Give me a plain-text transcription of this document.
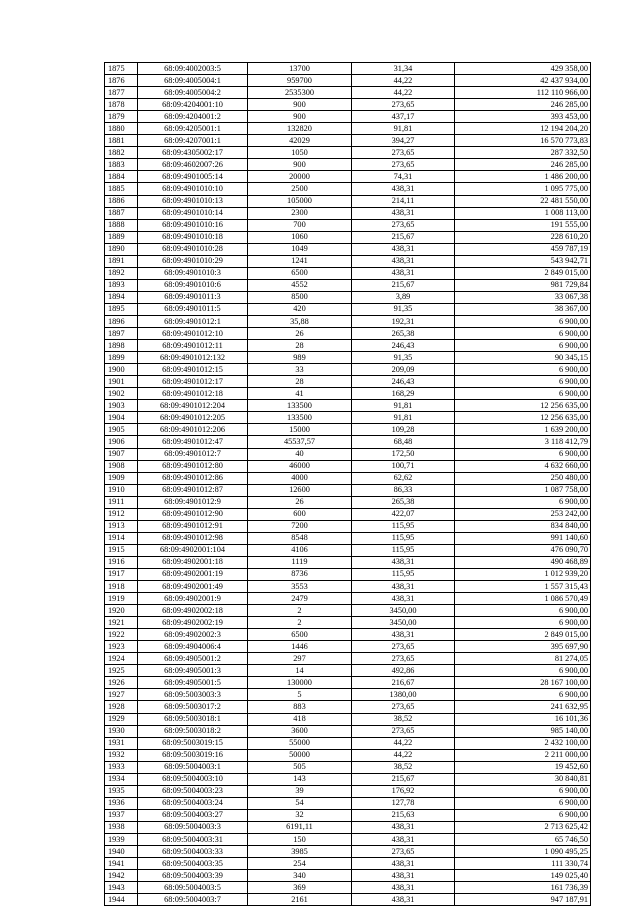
1875	68:09:4002003:5	13700	31,34	429 358,00
1876	68:09:4005004:1	959700	44,22	42 437 934,00
1877	68:09:4005004:2	2535300	44,22	112 110 966,00
1878	68:09:4204001:10	900	273,65	246 285,00
1879	68:09:4204001:2	900	437,17	393 453,00
1880	68:09:4205001:1	132820	91,81	12 194 204,20
1881	68:09:4207001:1	42029	394,27	16 570 773,83
1882	68:09:4305002:17	1050	273,65	287 332,50
1883	68:09:4602007:26	900	273,65	246 285,00
1884	68:09:4901005:14	20000	74,31	1 486 200,00
1885	68:09:4901010:10	2500	438,31	1 095 775,00
1886	68:09:4901010:13	105000	214,11	22 481 550,00
1887	68:09:4901010:14	2300	438,31	1 008 113,00
1888	68:09:4901010:16	700	273,65	191 555,00
1889	68:09:4901010:18	1060	215,67	228 610,20
1890	68:09:4901010:28	1049	438,31	459 787,19
1891	68:09:4901010:29	1241	438,31	543 942,71
1892	68:09:4901010:3	6500	438,31	2 849 015,00
1893	68:09:4901010:6	4552	215,67	981 729,84
1894	68:09:4901011:3	8500	3,89	33 067,38
1895	68:09:4901011:5	420	91,35	38 367,00
1896	68:09:4901012:1	35,88	192,31	6 900,00
1897	68:09:4901012:10	26	265,38	6 900,00
1898	68:09:4901012:11	28	246,43	6 900,00
1899	68:09:4901012:132	989	91,35	90 345,15
1900	68:09:4901012:15	33	209,09	6 900,00
1901	68:09:4901012:17	28	246,43	6 900,00
1902	68:09:4901012:18	41	168,29	6 900,00
1903	68:09:4901012:204	133500	91,81	12 256 635,00
1904	68:09:4901012:205	133500	91,81	12 256 635,00
1905	68:09:4901012:206	15000	109,28	1 639 200,00
1906	68:09:4901012:47	45537,57	68,48	3 118 412,79
1907	68:09:4901012:7	40	172,50	6 900,00
1908	68:09:4901012:80	46000	100,71	4 632 660,00
1909	68:09:4901012:86	4000	62,62	250 480,00
1910	68:09:4901012:87	12600	86,33	1 087 758,00
1911	68:09:4901012:9	26	265,38	6 900,00
1912	68:09:4901012:90	600	422,07	253 242,00
1913	68:09:4901012:91	7200	115,95	834 840,00
1914	68:09:4901012:98	8548	115,95	991 140,60
1915	68:09:4902001:104	4106	115,95	476 090,70
1916	68:09:4902001:18	1119	438,31	490 468,89
1917	68:09:4902001:19	8736	115,95	1 012 939,20
1918	68:09:4902001:49	3553	438,31	1 557 315,43
1919	68:09:4902001:9	2479	438,31	1 086 570,49
1920	68:09:4902002:18	2	3450,00	6 900,00
1921	68:09:4902002:19	2	3450,00	6 900,00
1922	68:09:4902002:3	6500	438,31	2 849 015,00
1923	68:09:4904006:4	1446	273,65	395 697,90
1924	68:09:4905001:2	297	273,65	81 274,05
1925	68:09:4905001:3	14	492,86	6 900,00
1926	68:09:4905001:5	130000	216,67	28 167 100,00
1927	68:09:5003003:3	5	1380,00	6 900,00
1928	68:09:5003017:2	883	273,65	241 632,95
1929	68:09:5003018:1	418	38,52	16 101,36
1930	68:09:5003018:2	3600	273,65	985 140,00
1931	68:09:5003019:15	55000	44,22	2 432 100,00
1932	68:09:5003019:16	50000	44,22	2 211 000,00
1933	68:09:5004003:1	505	38,52	19 452,60
1934	68:09:5004003:10	143	215,67	30 840,81
1935	68:09:5004003:23	39	176,92	6 900,00
1936	68:09:5004003:24	54	127,78	6 900,00
1937	68:09:5004003:27	32	215,63	6 900,00
1938	68:09:5004003:3	6191,11	438,31	2 713 625,42
1939	68:09:5004003:31	150	438,31	65 746,50
1940	68:09:5004003:33	3985	273,65	1 090 495,25
1941	68:09:5004003:35	254	438,31	111 330,74
1942	68:09:5004003:39	340	438,31	149 025,40
1943	68:09:5004003:5	369	438,31	161 736,39
1944	68:09:5004003:7	2161	438,31	947 187,91
